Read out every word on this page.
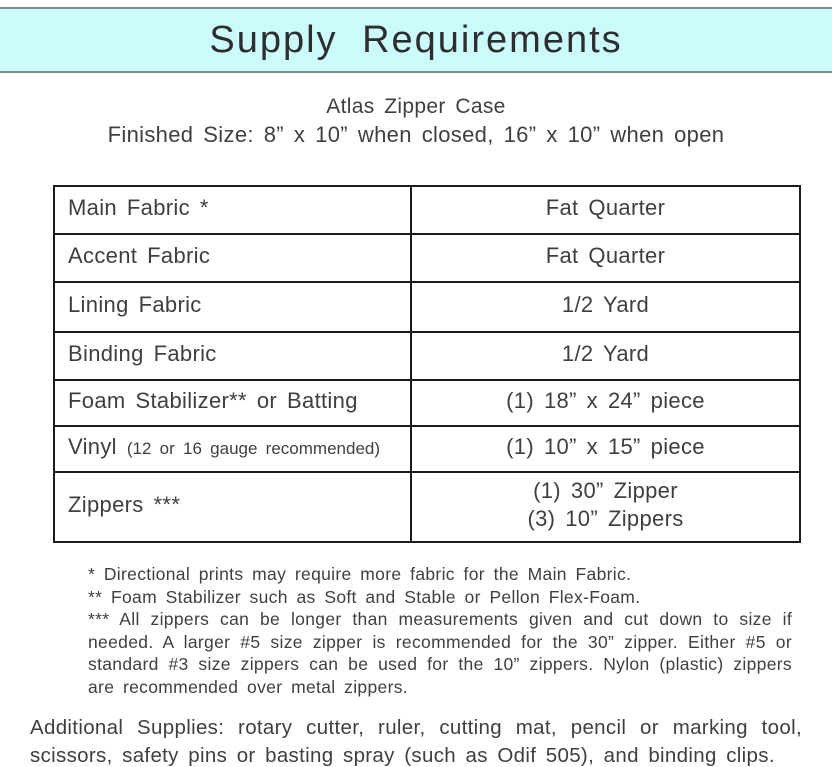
Supply Requirements
Atlas Zipper Case
Finished Size: 8” x 10” when closed, 16” x 10” when open
Main Fabric *	Fat Quarter
Accent Fabric	Fat Quarter
Lining Fabric	1/2 Yard
Binding Fabric	1/2 Yard
Foam Stabilizer** or Batting	(1) 18” x 24” piece
Vinyl (12 or 16 gauge recommended)	(1) 10” x 15” piece
Zippers ***	(1) 30” Zipper
(3) 10” Zippers

* Directional prints may require more fabric for the Main Fabric.

** Foam Stabilizer such as Soft and Stable or Pellon Flex-Foam.

*** All zippers can be longer than measurements given and cut down to size if needed. A larger #5 size zipper is recommended for the 30” zipper. Either #5 or standard #3 size zippers can be used for the 10” zippers. Nylon (plastic) zippers are recommended over metal zippers.

Additional Supplies: rotary cutter, ruler, cutting mat, pencil or marking tool, scissors, safety pins or basting spray (such as Odif 505), and binding clips.
